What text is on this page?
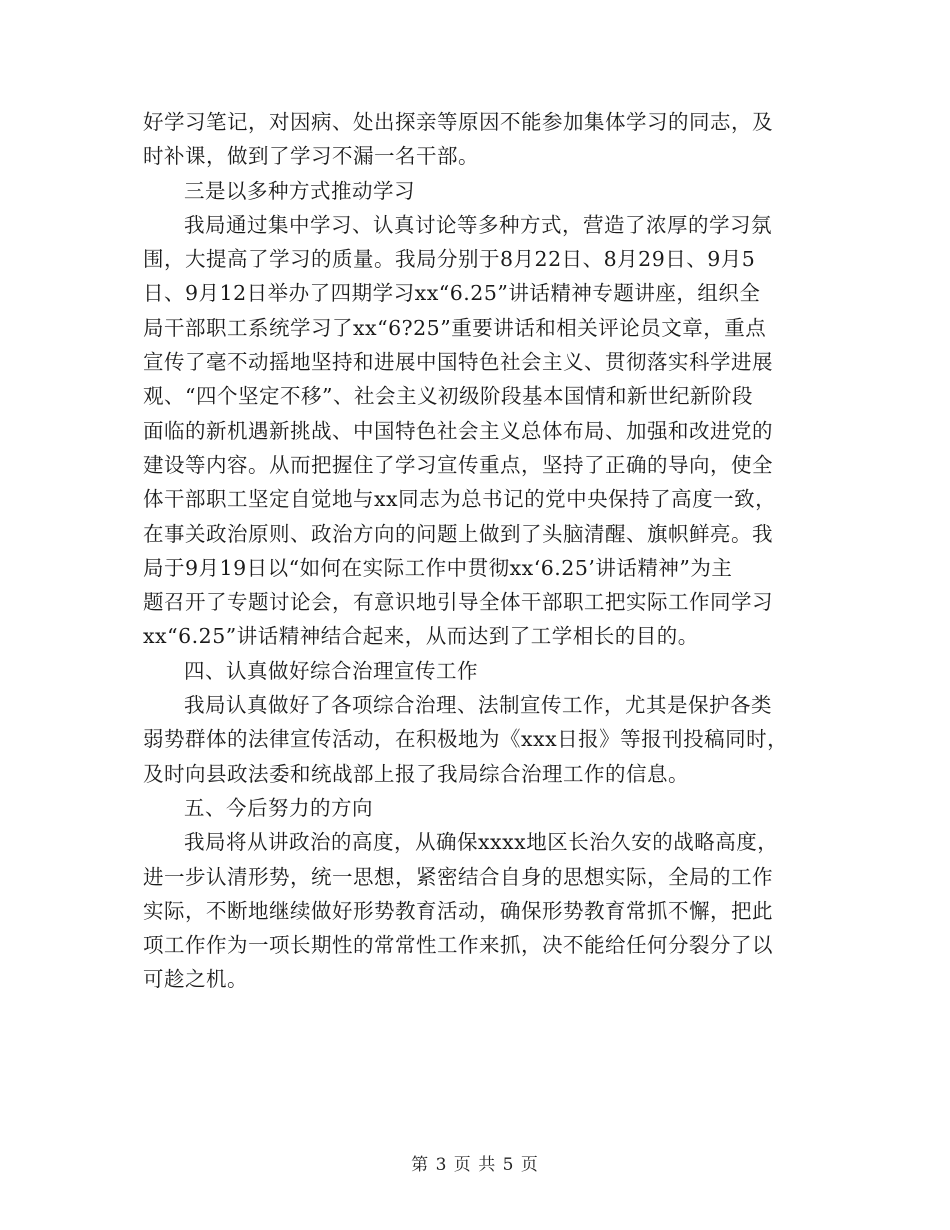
好学习笔记，对因病、处出探亲等原因不能参加集体学习的同志，及
时补课，做到了学习不漏一名干部。
三是以多种方式推动学习
我局通过集中学习、认真讨论等多种方式，营造了浓厚的学习氛
围，大提高了学习的质量。我局分别于8月22日、8月29日、9月5
日、9月12日举办了四期学习xx“6.25”讲话精神专题讲座，组织全
局干部职工系统学习了xx“6?25”重要讲话和相关评论员文章，重点
宣传了毫不动摇地坚持和进展中国特色社会主义、贯彻落实科学进展
观、“四个坚定不移”、社会主义初级阶段基本国情和新世纪新阶段
面临的新机遇新挑战、中国特色社会主义总体布局、加强和改进党的
建设等内容。从而把握住了学习宣传重点，坚持了正确的导向，使全
体干部职工坚定自觉地与xx同志为总书记的党中央保持了高度一致，
在事关政治原则、政治方向的问题上做到了头脑清醒、旗帜鲜亮。我
局于9月19日以“如何在实际工作中贯彻xx‘6.25’讲话精神”为主
题召开了专题讨论会，有意识地引导全体干部职工把实际工作同学习
xx“6.25”讲话精神结合起来，从而达到了工学相长的目的。
四、认真做好综合治理宣传工作
我局认真做好了各项综合治理、法制宣传工作，尤其是保护各类
弱势群体的法律宣传活动，在积极地为《xxx日报》等报刊投稿同时，
及时向县政法委和统战部上报了我局综合治理工作的信息。
五、今后努力的方向
我局将从讲政治的高度，从确保xxxx地区长治久安的战略高度，
进一步认清形势，统一思想，紧密结合自身的思想实际，全局的工作
实际，不断地继续做好形势教育活动，确保形势教育常抓不懈，把此
项工作作为一项长期性的常常性工作来抓，决不能给任何分裂分了以
可趁之机。
第 3 页 共 5 页
